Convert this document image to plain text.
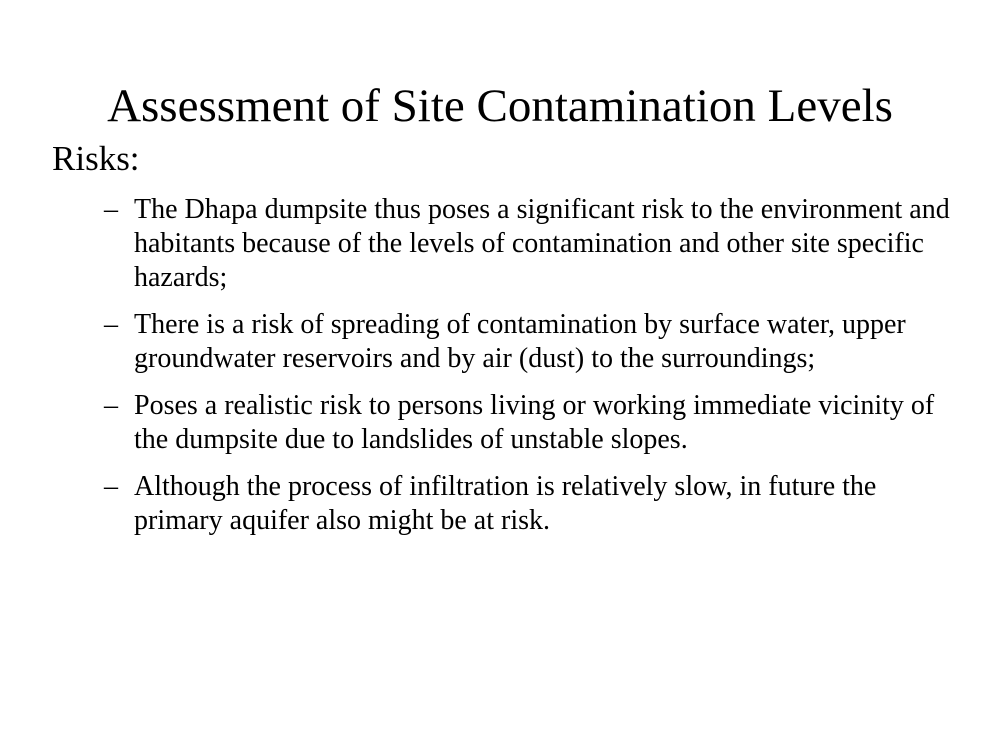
Assessment of Site Contamination Levels
Risks:
– The Dhapa dumpsite thus poses a significant risk to the environment and habitants because of the levels of contamination and other site specific hazards;
– There is a risk of spreading of contamination by surface water, upper groundwater reservoirs and by air (dust) to the surroundings;
– Poses a realistic risk to persons living or working immediate vicinity of the dumpsite due to landslides of unstable slopes.
– Although the process of infiltration is relatively slow, in future the primary aquifer also might be at risk.
